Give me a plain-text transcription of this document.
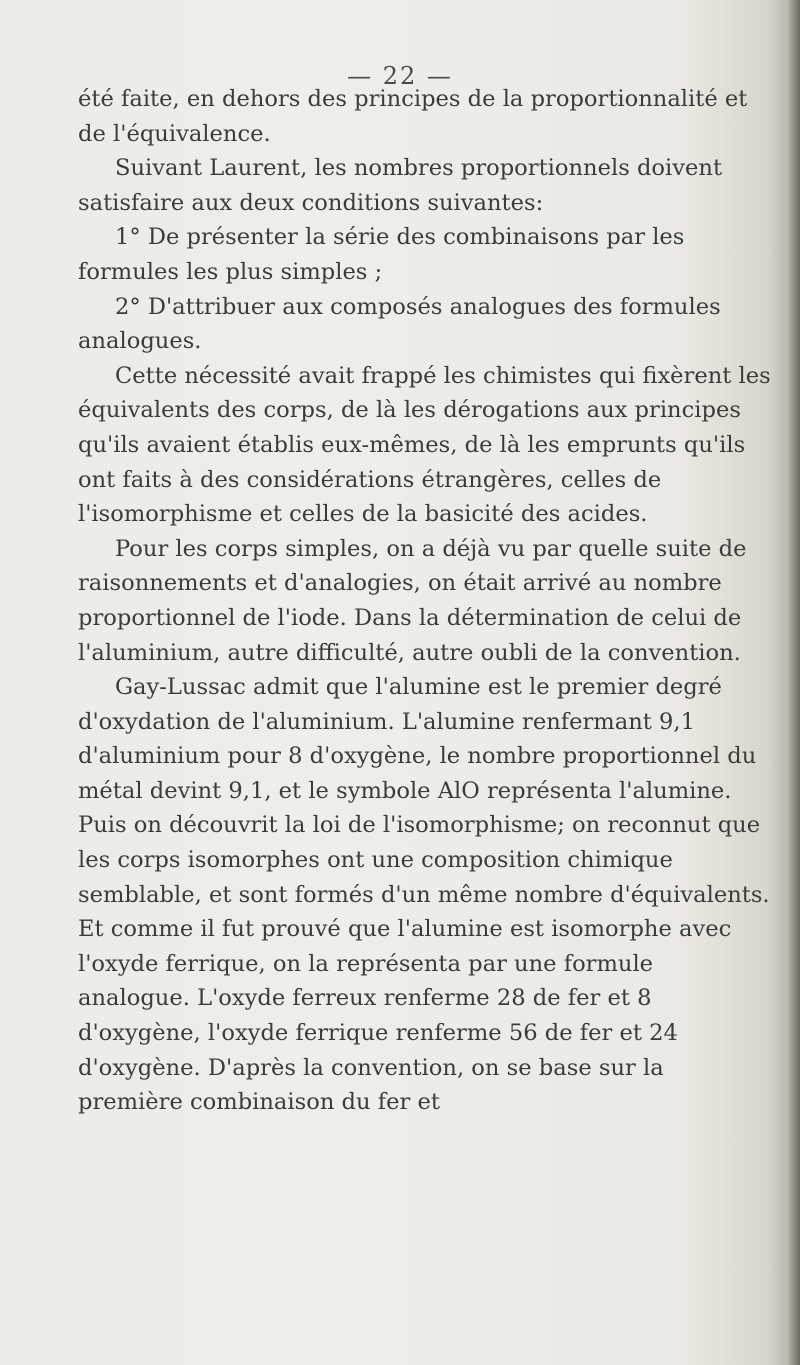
— 22 —

été faite, en dehors des principes de la proportionnalité et de l'équivalence.

Suivant Laurent, les nombres proportionnels doivent satisfaire aux deux conditions suivantes:

1° De présenter la série des combinaisons par les formules les plus simples ;

2° D'attribuer aux composés analogues des formules analogues.

Cette nécessité avait frappé les chimistes qui fixèrent les équivalents des corps, de là les dérogations aux principes qu'ils avaient établis eux-mêmes, de là les emprunts qu'ils ont faits à des considérations étrangères, celles de l'isomorphisme et celles de la basicité des acides.

Pour les corps simples, on a déjà vu par quelle suite de raisonnements et d'analogies, on était arrivé au nombre proportionnel de l'iode. Dans la détermination de celui de l'aluminium, autre difficulté, autre oubli de la convention.

Gay-Lussac admit que l'alumine est le premier degré d'oxydation de l'aluminium. L'alumine renfermant 9,1 d'aluminium pour 8 d'oxygène, le nombre proportionnel du métal devint 9,1, et le symbole AlO représenta l'alumine. Puis on découvrit la loi de l'isomorphisme; on reconnut que les corps isomorphes ont une composition chimique semblable, et sont formés d'un même nombre d'équivalents. Et comme il fut prouvé que l'alumine est isomorphe avec l'oxyde ferrique, on la représenta par une formule analogue. L'oxyde ferreux renferme 28 de fer et 8 d'oxygène, l'oxyde ferrique renferme 56 de fer et 24 d'oxygène. D'après la convention, on se base sur la première combinaison du fer et
